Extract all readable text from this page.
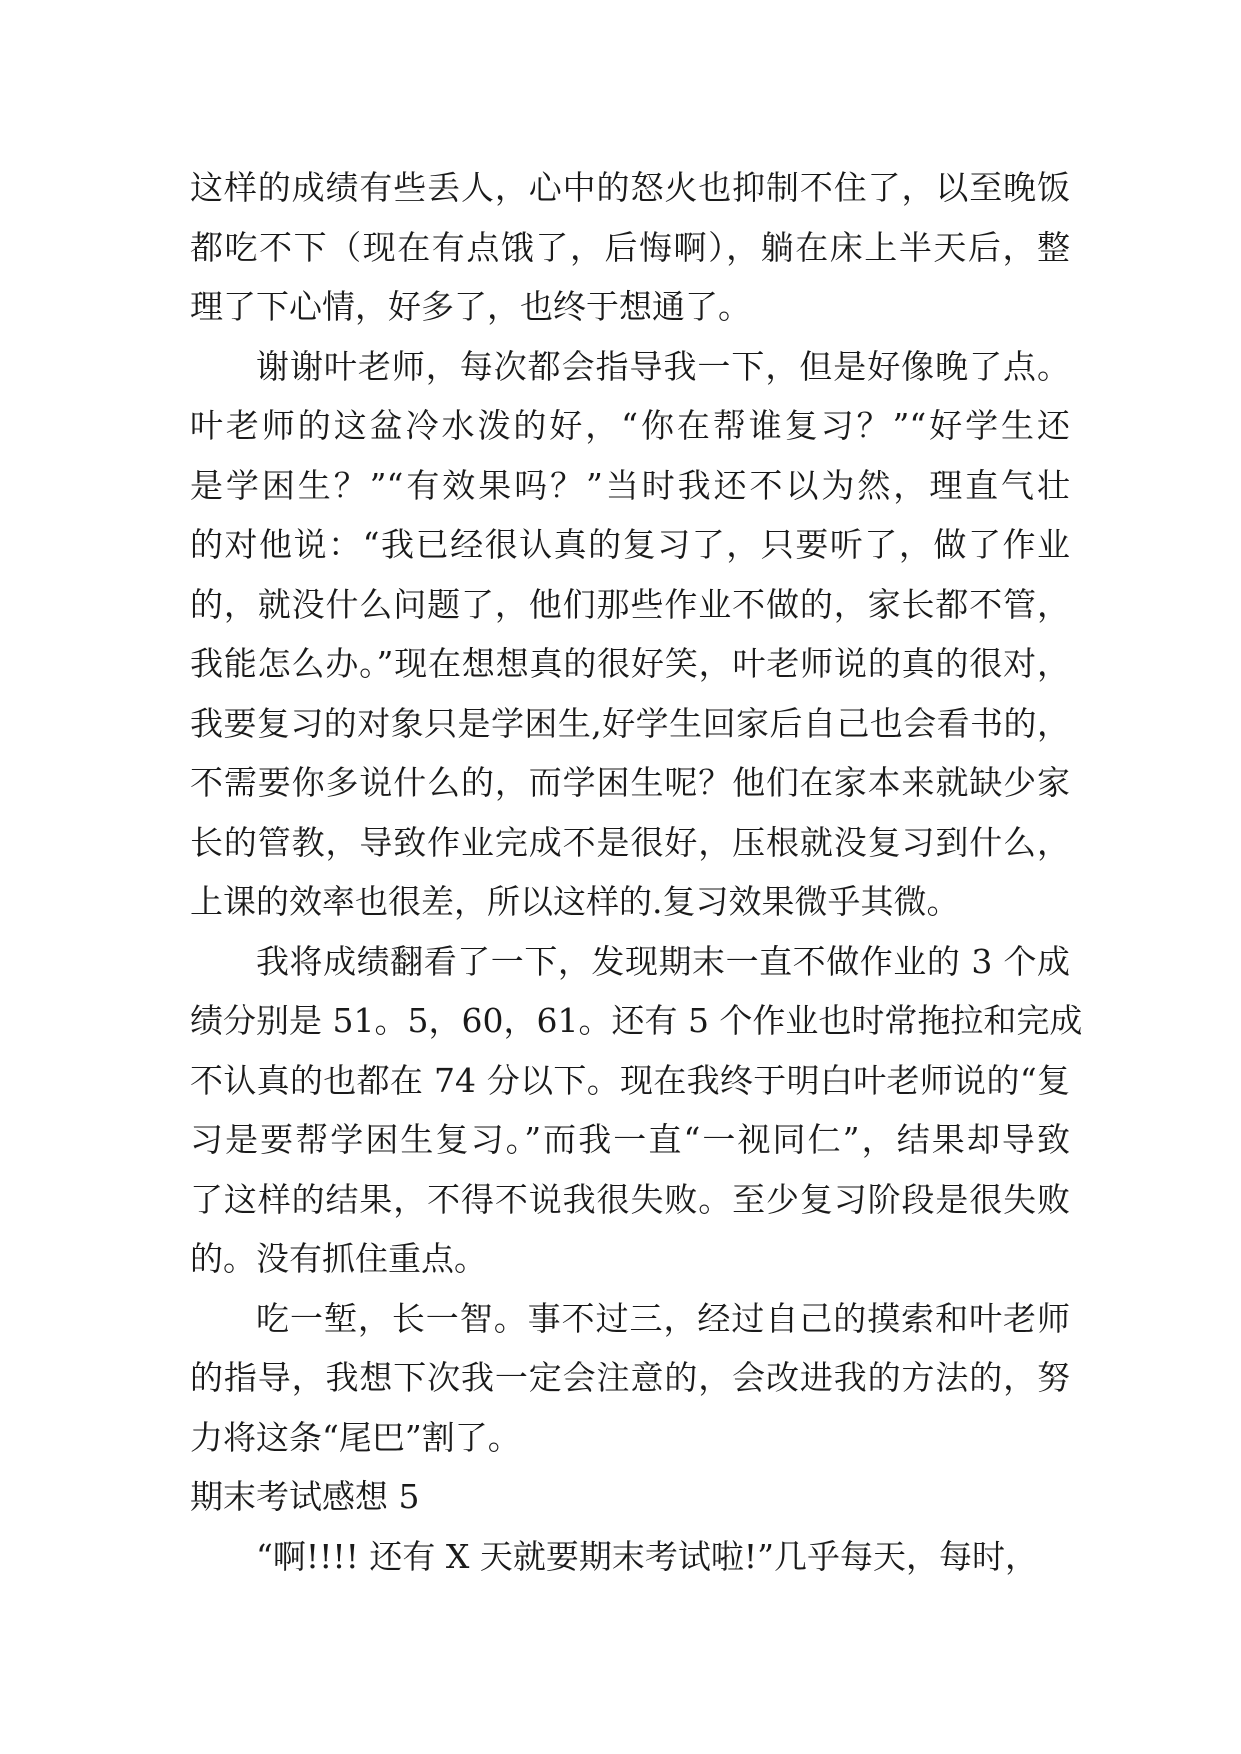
这样的成绩有些丢人，心中的怒火也抑制不住了，以至晚饭
都吃不下（现在有点饿了，后悔啊），躺在床上半天后，整
理了下心情，好多了，也终于想通了。
谢谢叶老师，每次都会指导我一下，但是好像晚了点。
叶老师的这盆冷水泼的好，“你在帮谁复习？”“好学生还
是学困生？”“有效果吗？”当时我还不以为然，理直气壮
的对他说：“我已经很认真的复习了，只要听了，做了作业
的，就没什么问题了，他们那些作业不做的，家长都不管，
我能怎么办。”现在想想真的很好笑，叶老师说的真的很对，
我要复习的对象只是学困生,好学生回家后自己也会看书的，
不需要你多说什么的，而学困生呢？他们在家本来就缺少家
长的管教，导致作业完成不是很好，压根就没复习到什么，
上课的效率也很差，所以这样的.复习效果微乎其微。
我将成绩翻看了一下，发现期末一直不做作业的 3 个成
绩分别是 51。5，60，61。还有 5 个作业也时常拖拉和完成
不认真的也都在 74 分以下。现在我终于明白叶老师说的“复
习是要帮学困生复习。”而我一直“一视同仁”，结果却导致
了这样的结果，不得不说我很失败。至少复习阶段是很失败
的。没有抓住重点。
吃一堑，长一智。事不过三，经过自己的摸索和叶老师
的指导，我想下次我一定会注意的，会改进我的方法的，努
力将这条“尾巴”割了。
期末考试感想 5
“啊!!!! 还有 X 天就要期末考试啦!”几乎每天，每时，
